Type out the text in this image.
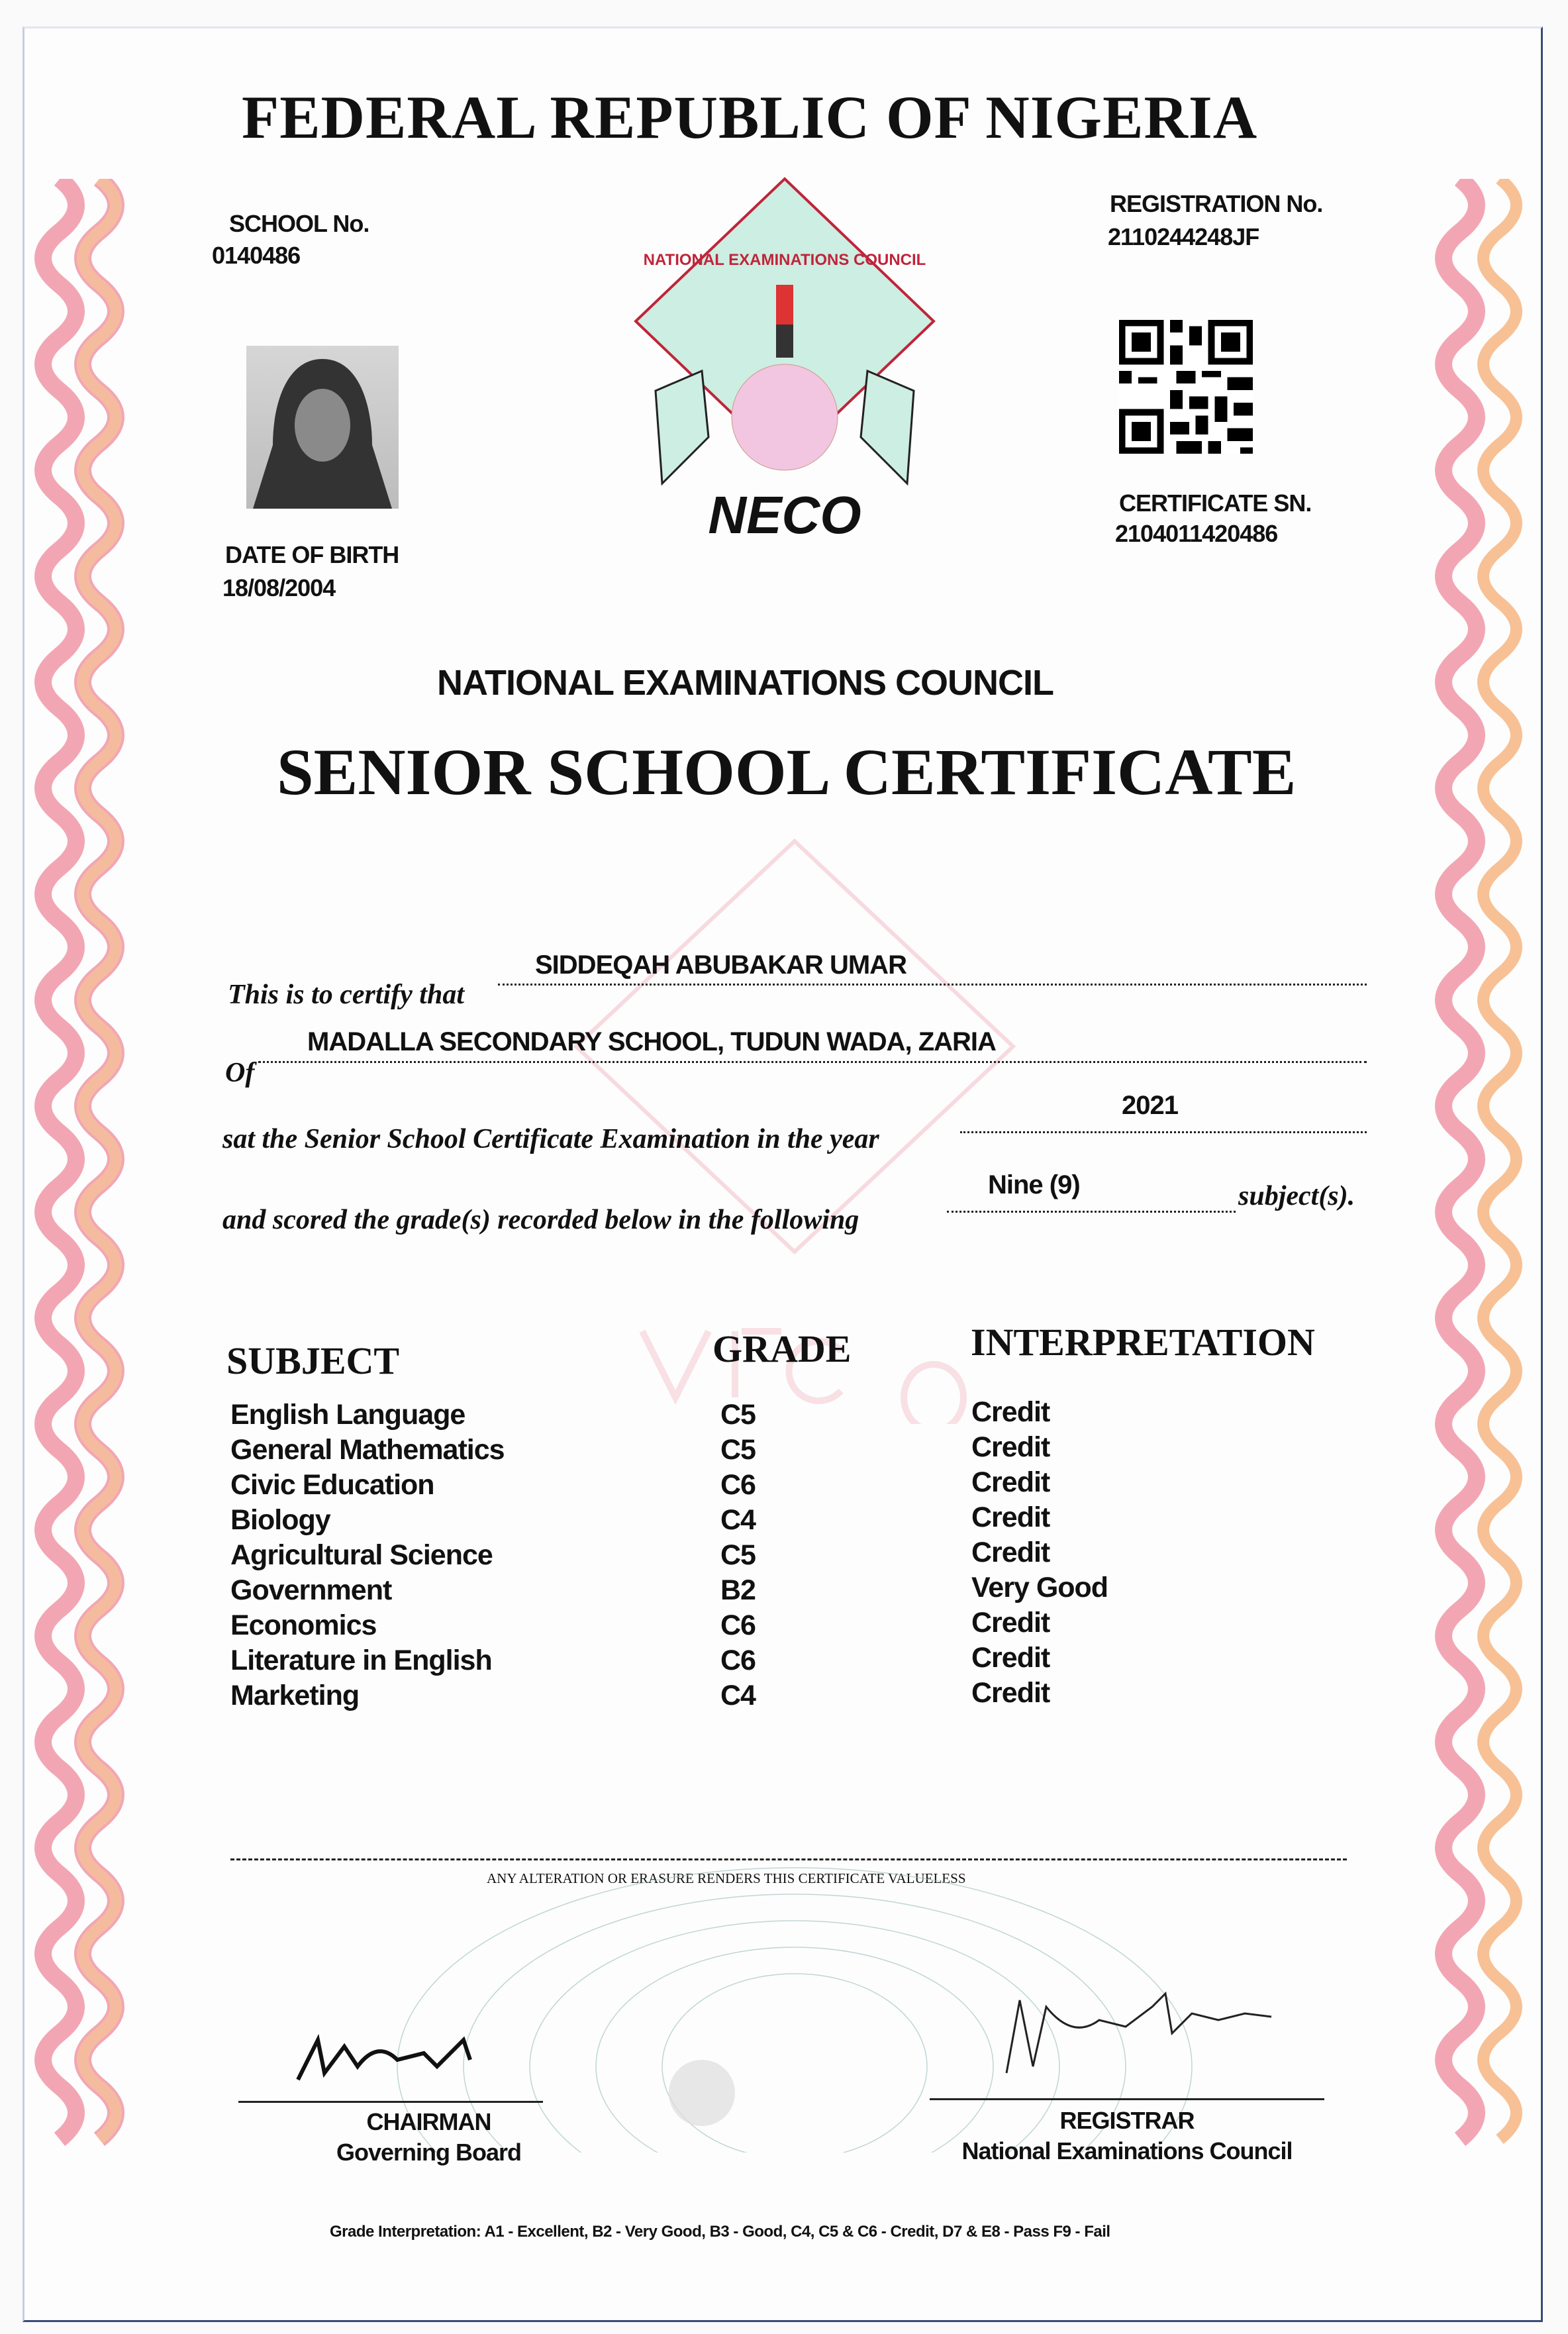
FEDERAL REPUBLIC OF NIGERIA
SCHOOL No.
0140486
DATE OF BIRTH
18/08/2004
NATIONAL EXAMINATIONS COUNCIL
NECO
REGISTRATION No.
2110244248JF
CERTIFICATE SN.
2104011420486
NATIONAL EXAMINATIONS COUNCIL
SENIOR SCHOOL CERTIFICATE
This is to certify that
SIDDEQAH ABUBAKAR UMAR
Of
MADALLA SECONDARY SCHOOL, TUDUN WADA, ZARIA
sat the Senior School Certificate Examination in the year
2021
and scored the grade(s) recorded below in the following
Nine (9)	subject(s).
SUBJECT	GRADE	INTERPRETATION
English Language	C5	Credit
General Mathematics	C5	Credit
Civic Education	C6	Credit
Biology	C4	Credit
Agricultural Science	C5	Credit
Government	B2	Very Good
Economics	C6	Credit
Literature in English	C6	Credit
Marketing	C4	Credit
ANY ALTERATION OR ERASURE RENDERS THIS CERTIFICATE VALUELESS
CHAIRMAN
Governing Board
REGISTRAR
National Examinations Council
Grade Interpretation: A1 - Excellent, B2 - Very Good, B3 - Good, C4, C5 & C6 - Credit, D7 & E8 - Pass F9 - Fail
